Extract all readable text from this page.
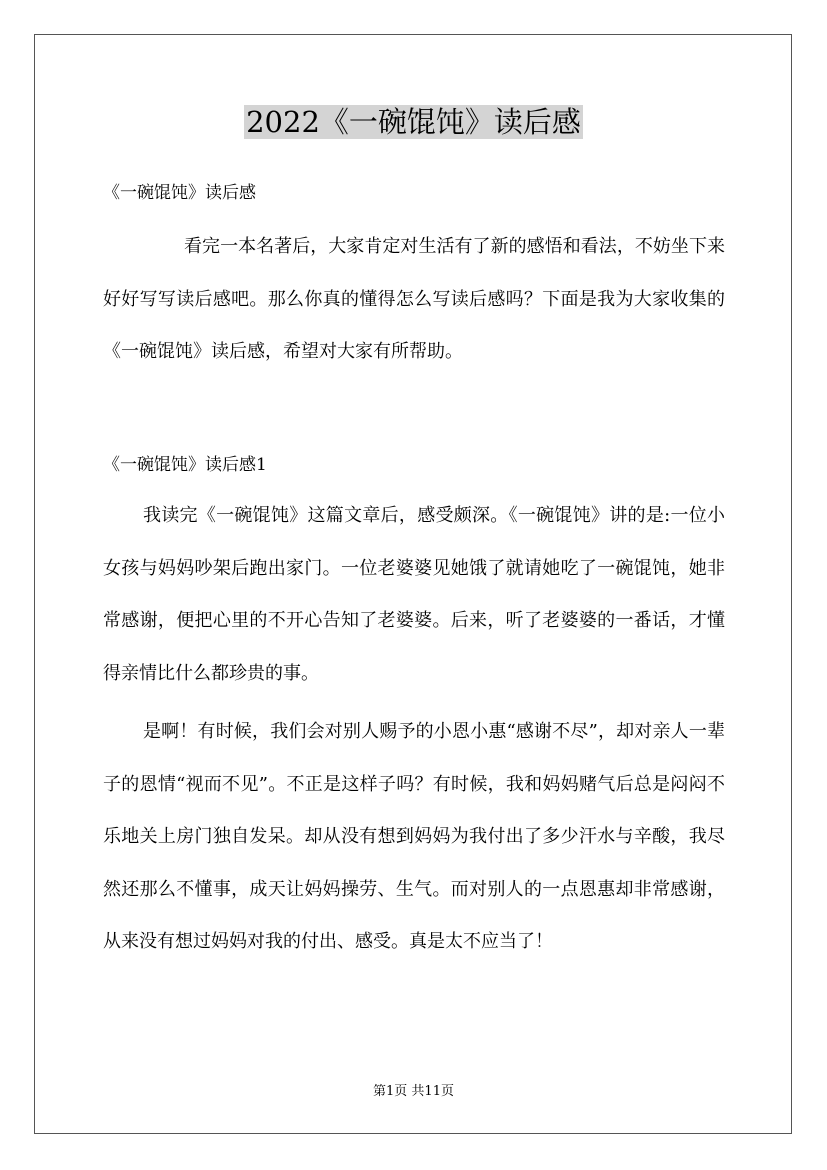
2022《一碗馄饨》读后感
《一碗馄饨》读后感
看完一本名著后，大家肯定对生活有了新的感悟和看法，不妨坐下来好好写写读后感吧。那么你真的懂得怎么写读后感吗？下面是我为大家收集的《一碗馄饨》读后感，希望对大家有所帮助。
《一碗馄饨》读后感1
我读完《一碗馄饨》这篇文章后，感受颇深。《一碗馄饨》讲的是:一位小女孩与妈妈吵架后跑出家门。一位老婆婆见她饿了就请她吃了一碗馄饨，她非常感谢，便把心里的不开心告知了老婆婆。后来，听了老婆婆的一番话，才懂得亲情比什么都珍贵的事。
是啊！有时候，我们会对别人赐予的小恩小惠“感谢不尽”，却对亲人一辈子的恩情“视而不见”。不正是这样子吗？有时候，我和妈妈赌气后总是闷闷不乐地关上房门独自发呆。却从没有想到妈妈为我付出了多少汗水与辛酸，我尽然还那么不懂事，成天让妈妈操劳、生气。而对别人的一点恩惠却非常感谢，从来没有想过妈妈对我的付出、感受。真是太不应当了！
第1页 共11页
